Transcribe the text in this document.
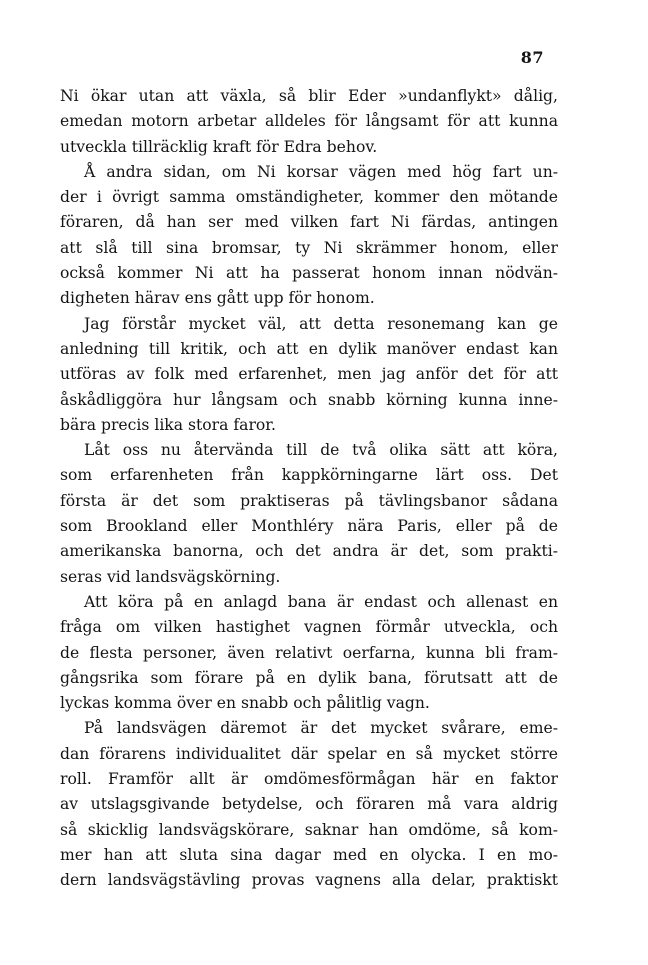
87
Ni ökar utan att växla, så blir Eder »undanflykt» dålig,
emedan motorn arbetar alldeles för långsamt för att kunna
utveckla tillräcklig kraft för Edra behov.
Å andra sidan, om Ni korsar vägen med hög fart un-
der i övrigt samma omständigheter, kommer den mötande
föraren, då han ser med vilken fart Ni färdas, antingen
att slå till sina bromsar, ty Ni skrämmer honom, eller
också kommer Ni att ha passerat honom innan nödvän-
digheten härav ens gått upp för honom.
Jag förstår mycket väl, att detta resonemang kan ge
anledning till kritik, och att en dylik manöver endast kan
utföras av folk med erfarenhet, men jag anför det för att
åskådliggöra hur långsam och snabb körning kunna inne-
bära precis lika stora faror.
Låt oss nu återvända till de två olika sätt att köra,
som erfarenheten från kappkörningarne lärt oss. Det
första är det som praktiseras på tävlingsbanor sådana
som Brookland eller Monthléry nära Paris, eller på de
amerikanska banorna, och det andra är det, som prakti-
seras vid landsvägskörning.
Att köra på en anlagd bana är endast och allenast en
fråga om vilken hastighet vagnen förmår utveckla, och
de flesta personer, även relativt oerfarna, kunna bli fram-
gångsrika som förare på en dylik bana, förutsatt att de
lyckas komma över en snabb och pålitlig vagn.
På landsvägen däremot är det mycket svårare, eme-
dan förarens individualitet där spelar en så mycket större
roll. Framför allt är omdömesförmågan här en faktor
av utslagsgivande betydelse, och föraren må vara aldrig
så skicklig landsvägskörare, saknar han omdöme, så kom-
mer han att sluta sina dagar med en olycka. I en mo-
dern landsvägstävling provas vagnens alla delar, praktiskt
